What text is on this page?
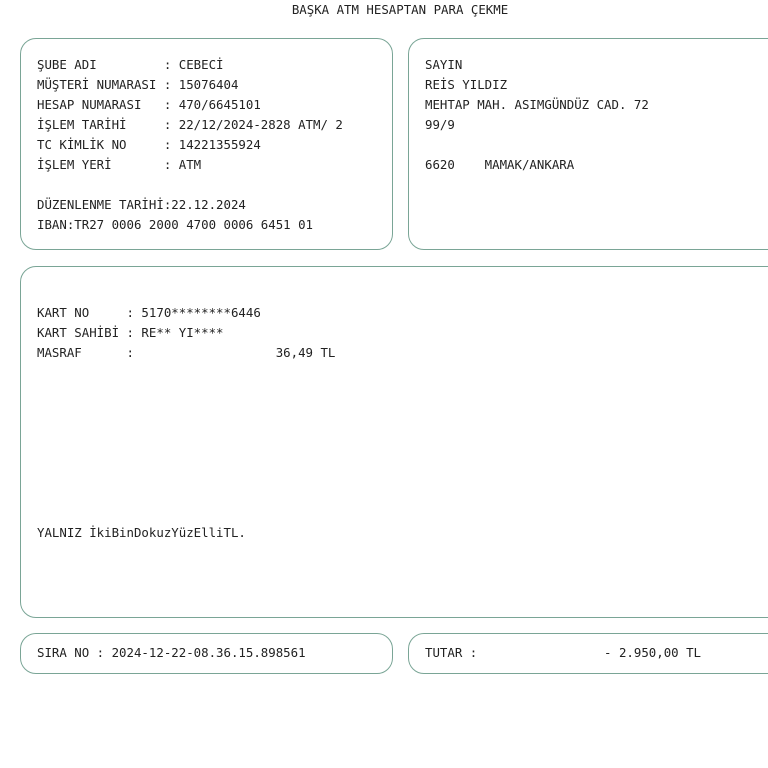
BAŞKA ATM HESAPTAN PARA ÇEKME
ŞUBE ADI         : CEBECİ
MÜŞTERİ NUMARASI : 15076404
HESAP NUMARASI   : 470/6645101
İŞLEM TARİHİ     : 22/12/2024-2828 ATM/ 2
TC KİMLİK NO     : 14221355924
İŞLEM YERİ       : ATM
DÜZENLENME TARİHİ:22.12.2024
IBAN:TR27 0006 2000 4700 0006 6451 01
SAYIN
REİS YILDIZ
MEHTAP MAH. ASIMGÜNDÜZ CAD. 72
99/9
6620    MAMAK/ANKARA
KART NO     : 5170********6446
KART SAHİBİ : RE** YI****
MASRAF      :                   36,49 TL
YALNIZ İkiBinDokuzYüzElliTL.
SIRA NO : 2024-12-22-08.36.15.898561	TUTAR :                 - 2.950,00 TL
